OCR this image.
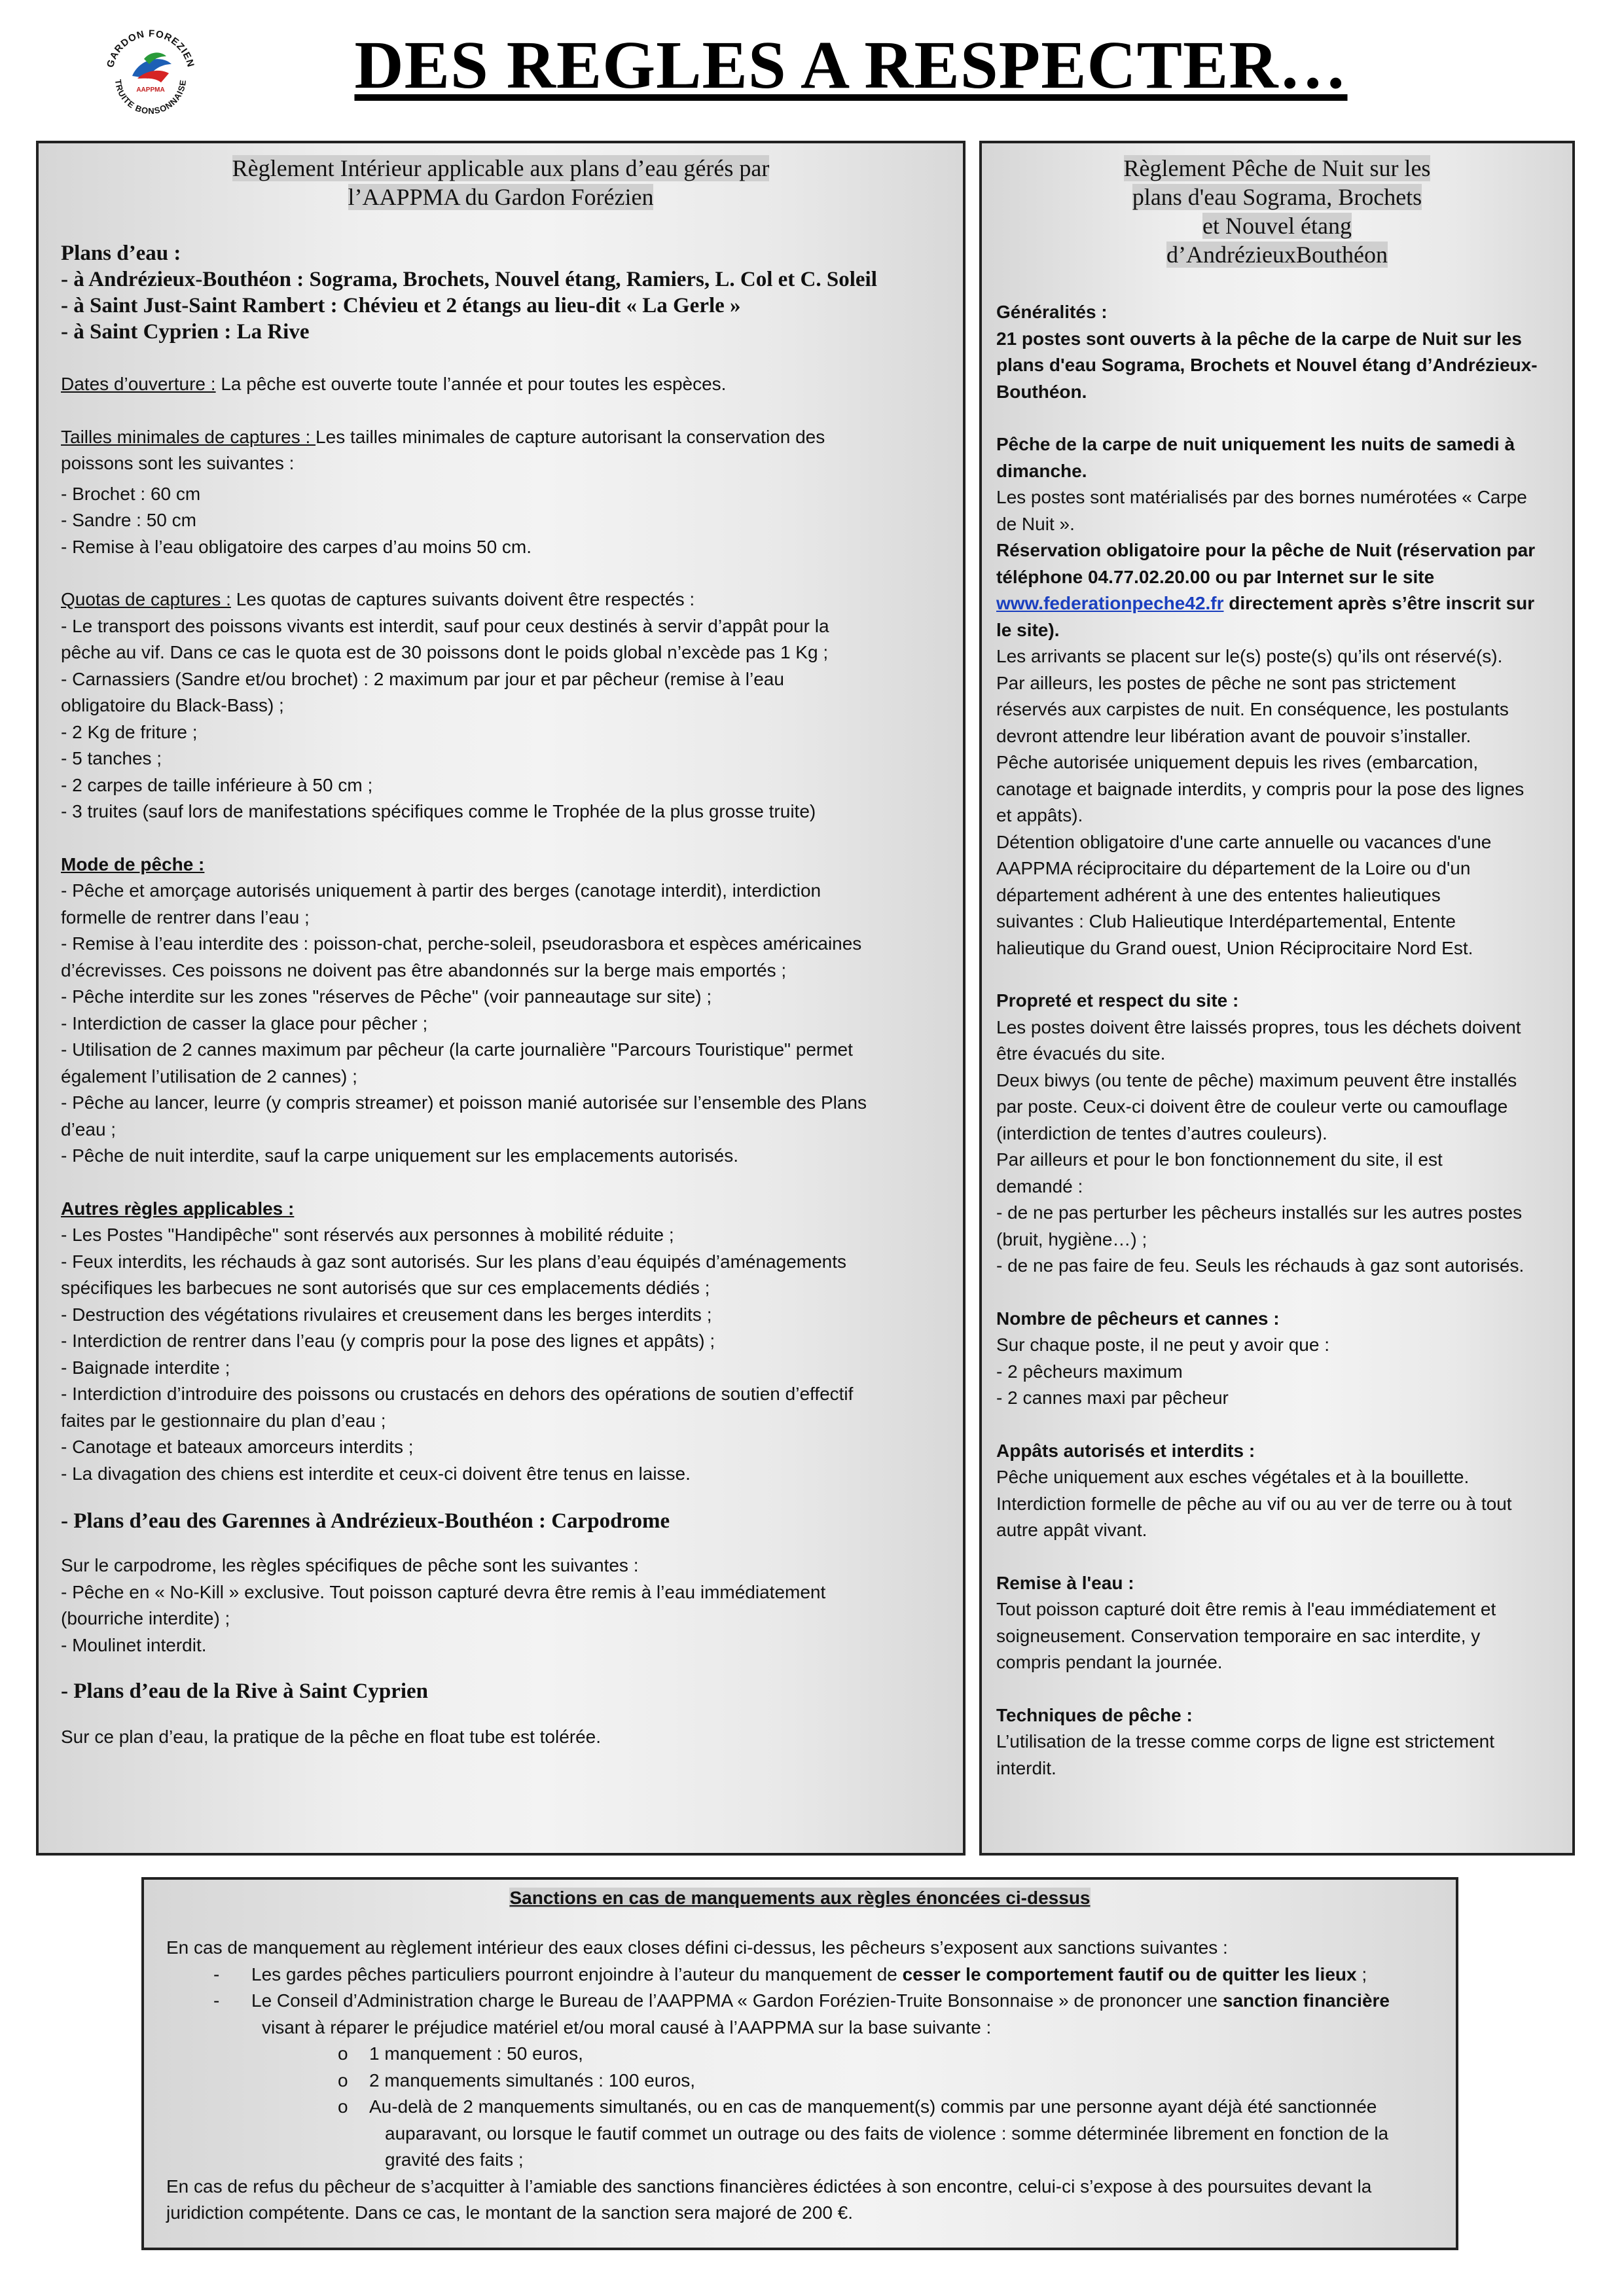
GARDON FOREZIEN
TRUITE BONSONNAISE
AAPPMA	DES REGLES A RESPECTER…

Règlement Intérieur applicable aux plans d’eau gérés par

l’AAPPMA du Gardon Forézien

Plans d’eau :

- à Andrézieux-Bouthéon : Sograma, Brochets, Nouvel étang, Ramiers, L. Col et C. Soleil

- à Saint Just-Saint Rambert : Chévieu et 2 étangs au lieu-dit « La Gerle »

- à Saint Cyprien : La Rive

Dates d’ouverture : La pêche est ouverte toute l’année et pour toutes les espèces.

Tailles minimales de captures : Les tailles minimales de capture autorisant la conservation des

poissons sont les suivantes :

- Brochet : 60 cm

- Sandre : 50 cm

- Remise à l’eau obligatoire des carpes d’au moins 50 cm.

Quotas de captures : Les quotas de captures suivants doivent être respectés :

- Le transport des poissons vivants est interdit, sauf pour ceux destinés à servir d’appât pour la

pêche au vif. Dans ce cas le quota est de 30 poissons dont le poids global n’excède pas 1 Kg ;

- Carnassiers (Sandre et/ou brochet) : 2 maximum par jour et par pêcheur (remise à l’eau

obligatoire du Black-Bass) ;

- 2 Kg de friture ;

- 5 tanches ;

- 2 carpes de taille inférieure à 50 cm ;

- 3 truites (sauf lors de manifestations spécifiques comme le Trophée de la plus grosse truite)

Mode de pêche :

- Pêche et amorçage autorisés uniquement à partir des berges (canotage interdit), interdiction

formelle de rentrer dans l’eau ;

- Remise à l’eau interdite des : poisson-chat, perche-soleil, pseudorasbora et espèces américaines

d’écrevisses. Ces poissons ne doivent pas être abandonnés sur la berge mais emportés ;

- Pêche interdite sur les zones "réserves de Pêche" (voir panneautage sur site) ;

- Interdiction de casser la glace pour pêcher ;

- Utilisation de 2 cannes maximum par pêcheur (la carte journalière "Parcours Touristique" permet

également l’utilisation de 2 cannes) ;

- Pêche au lancer, leurre (y compris streamer) et poisson manié autorisée sur l’ensemble des Plans

d’eau ;

- Pêche de nuit interdite, sauf la carpe uniquement sur les emplacements autorisés.

Autres règles applicables :

- Les Postes "Handipêche" sont réservés aux personnes à mobilité réduite ;

- Feux interdits, les réchauds à gaz sont autorisés. Sur les plans d’eau équipés d’aménagements

spécifiques les barbecues ne sont autorisés que sur ces emplacements dédiés ;

- Destruction des végétations rivulaires et creusement dans les berges interdits ;

- Interdiction de rentrer dans l’eau (y compris pour la pose des lignes et appâts) ;

- Baignade interdite ;

- Interdiction d’introduire des poissons ou crustacés en dehors des opérations de soutien d’effectif

faites par le gestionnaire du plan d’eau ;

- Canotage et bateaux amorceurs interdits ;

- La divagation des chiens est interdite et ceux-ci doivent être tenus en laisse.

- Plans d’eau des Garennes à Andrézieux-Bouthéon : Carpodrome

Sur le carpodrome, les règles spécifiques de pêche sont les suivantes :

- Pêche en « No-Kill » exclusive. Tout poisson capturé devra être remis à l’eau immédiatement

(bourriche interdite) ;

- Moulinet interdit.

- Plans d’eau de la Rive à Saint Cyprien

Sur ce plan d’eau, la pratique de la pêche en float tube est tolérée.

Règlement Pêche de Nuit sur les

plans d'eau Sograma, Brochets

et Nouvel étang

d’AndrézieuxBouthéon

Généralités :

21 postes sont ouverts à la pêche de la carpe de Nuit sur les

plans d'eau Sograma, Brochets et Nouvel étang d’Andrézieux-

Bouthéon.

Pêche de la carpe de nuit uniquement les nuits de samedi à

dimanche.

Les postes sont matérialisés par des bornes numérotées « Carpe

de Nuit ».

Réservation obligatoire pour la pêche de Nuit (réservation par

téléphone 04.77.02.20.00 ou par Internet sur le site

www.federationpeche42.fr directement après s’être inscrit sur

le site).

Les arrivants se placent sur le(s) poste(s) qu’ils ont réservé(s).

Par ailleurs, les postes de pêche ne sont pas strictement

réservés aux carpistes de nuit. En conséquence, les postulants

devront attendre leur libération avant de pouvoir s’installer.

Pêche autorisée uniquement depuis les rives (embarcation,

canotage et baignade interdits, y compris pour la pose des lignes

et appâts).

Détention obligatoire d'une carte annuelle ou vacances d'une

AAPPMA réciprocitaire du département de la Loire ou d'un

département adhérent à une des ententes halieutiques

suivantes : Club Halieutique Interdépartemental, Entente

halieutique du Grand ouest, Union Réciprocitaire Nord Est.

Propreté et respect du site :

Les postes doivent être laissés propres, tous les déchets doivent

être évacués du site.

Deux biwys (ou tente de pêche) maximum peuvent être installés

par poste. Ceux-ci doivent être de couleur verte ou camouflage

(interdiction de tentes d’autres couleurs).

Par ailleurs et pour le bon fonctionnement du site, il est

demandé :

- de ne pas perturber les pêcheurs installés sur les autres postes

(bruit, hygiène…) ;

- de ne pas faire de feu. Seuls les réchauds à gaz sont autorisés.

Nombre de pêcheurs et cannes :

Sur chaque poste, il ne peut y avoir que :

- 2 pêcheurs maximum

- 2 cannes maxi par pêcheur

Appâts autorisés et interdits :

Pêche uniquement aux esches végétales et à la bouillette.

Interdiction formelle de pêche au vif ou au ver de terre ou à tout

autre appât vivant.

Remise à l'eau :

Tout poisson capturé doit être remis à l'eau immédiatement et

soigneusement. Conservation temporaire en sac interdite, y

compris pendant la journée.

Techniques de pêche :

L’utilisation de la tresse comme corps de ligne est strictement

interdit.

Sanctions en cas de manquements aux règles énoncées ci-dessus

En cas de manquement au règlement intérieur des eaux closes défini ci-dessus, les pêcheurs s’exposent aux sanctions suivantes :

- Les gardes pêches particuliers pourront enjoindre à l’auteur du manquement de cesser le comportement fautif ou de quitter les lieux ;

- Le Conseil d’Administration charge le Bureau de l’AAPPMA « Gardon Forézien-Truite Bonsonnaise » de prononcer une sanction financière

visant à réparer le préjudice matériel et/ou moral causé à l’AAPPMA sur la base suivante :

o 1 manquement : 50 euros,

o 2 manquements simultanés : 100 euros,

o Au-delà de 2 manquements simultanés, ou en cas de manquement(s) commis par une personne ayant déjà été sanctionnée

auparavant, ou lorsque le fautif commet un outrage ou des faits de violence : somme déterminée librement en fonction de la

gravité des faits ;

En cas de refus du pêcheur de s’acquitter à l’amiable des sanctions financières édictées à son encontre, celui-ci s’expose à des poursuites devant la

juridiction compétente. Dans ce cas, le montant de la sanction sera majoré de 200 €.
